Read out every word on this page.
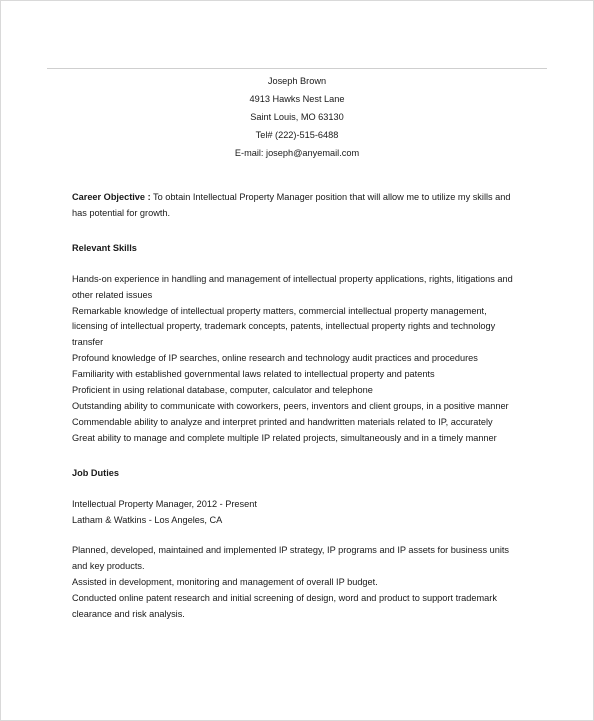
Joseph Brown
4913 Hawks Nest Lane
Saint Louis, MO 63130
Tel# (222)-515-6488
E-mail: joseph@anyemail.com

Career Objective : To obtain Intellectual Property Manager position that will allow me to utilize my skills and has potential for growth.

Relevant Skills

Hands-on experience in handling and management of intellectual property applications, rights, litigations and other related issues
Remarkable knowledge of intellectual property matters, commercial intellectual property management, licensing of intellectual property, trademark concepts, patents, intellectual property rights and technology transfer
Profound knowledge of IP searches, online research and technology audit practices and procedures
Familiarity with established governmental laws related to intellectual property and patents
Proficient in using relational database, computer, calculator and telephone
Outstanding ability to communicate with coworkers, peers, inventors and client groups, in a positive manner
Commendable ability to analyze and interpret printed and handwritten materials related to IP, accurately
Great ability to manage and complete multiple IP related projects, simultaneously and in a timely manner

Job Duties

Intellectual Property Manager, 2012 - Present

Latham & Watkins - Los Angeles, CA

Planned, developed, maintained and implemented IP strategy, IP programs and IP assets for business units and key products.
Assisted in development, monitoring and management of overall IP budget.
Conducted online patent research and initial screening of design, word and product to support trademark clearance and risk analysis.
